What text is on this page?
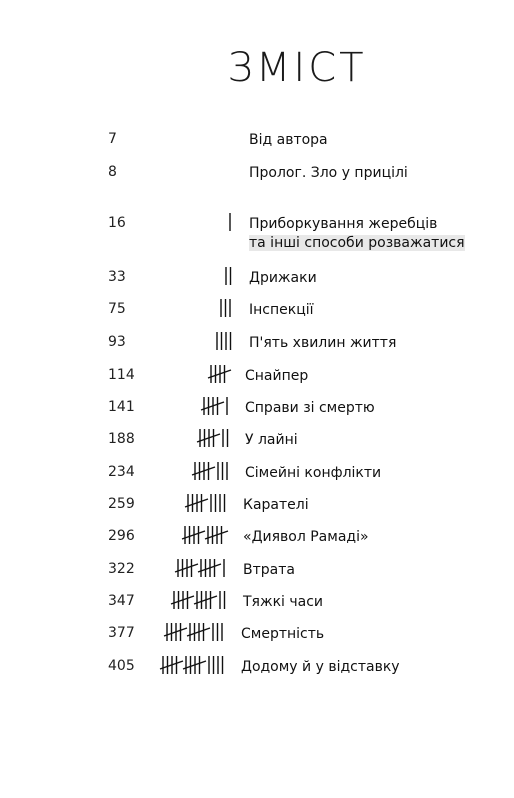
ЗМІСТ
7	Від автора
8	Пролог. Зло у прицілі
16	Приборкування жеребців
та інші способи розважатися
33	Дрижаки
75	Інспекції
93	П'ять хвилин життя
114	Снайпер
141	Справи зі смертю
188	У лайні
234	Сімейні конфлікти
259	Карателі
296	«Диявол Рамаді»
322	Втрата
347	Тяжкі часи
377	Смертність
405	Додому й у відставку
